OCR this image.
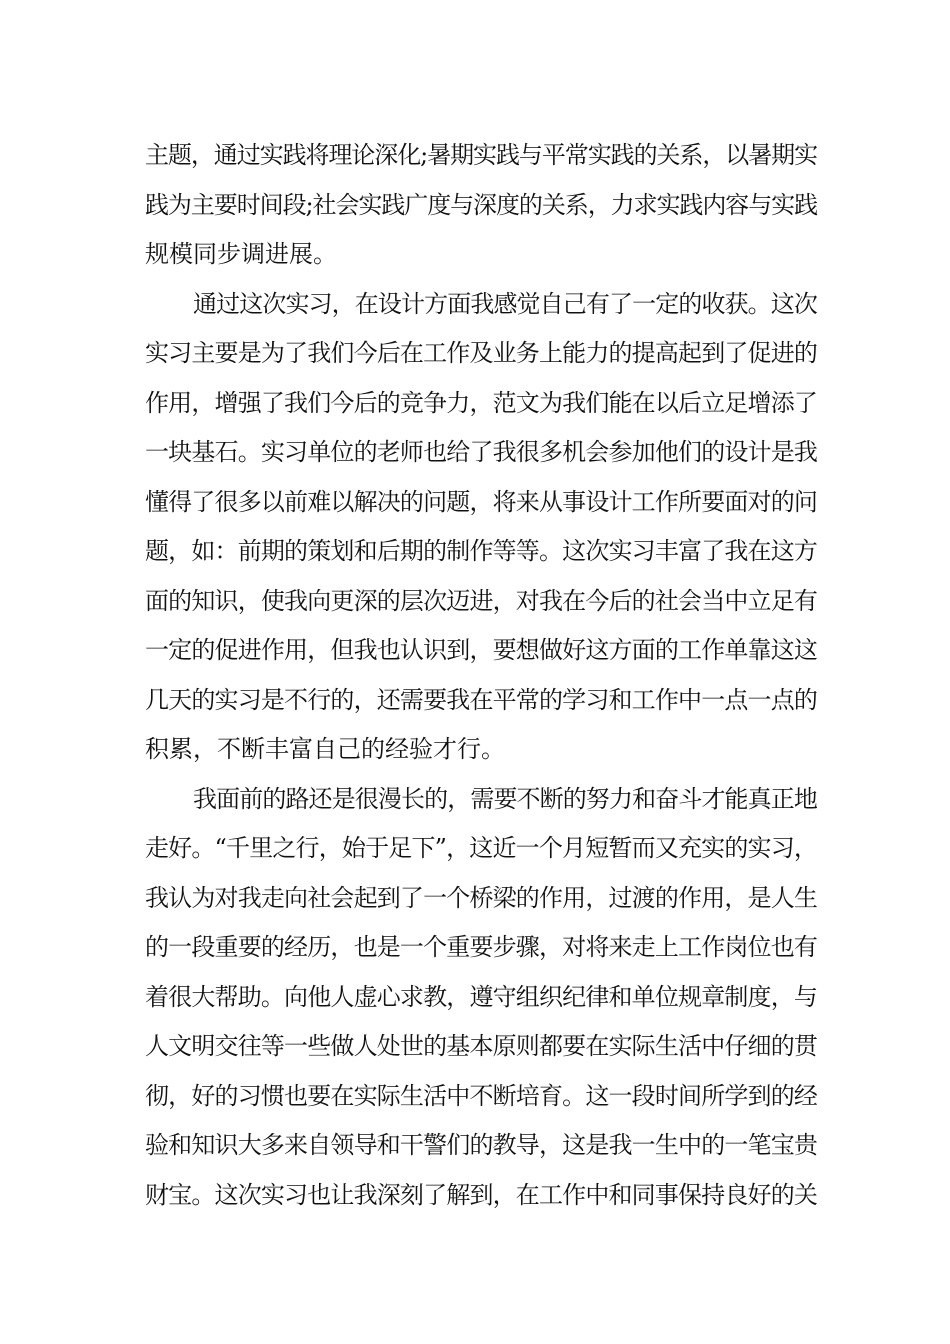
主题，通过实践将理论深化;暑期实践与平常实践的关系，以暑期实
践为主要时间段;社会实践广度与深度的关系，力求实践内容与实践
规模同步调进展。

通过这次实习，在设计方面我感觉自己有了一定的收获。这次
实习主要是为了我们今后在工作及业务上能力的提高起到了促进的
作用，增强了我们今后的竞争力，范文为我们能在以后立足增添了
一块基石。实习单位的老师也给了我很多机会参加他们的设计是我
懂得了很多以前难以解决的问题，将来从事设计工作所要面对的问
题，如：前期的策划和后期的制作等等。这次实习丰富了我在这方
面的知识，使我向更深的层次迈进，对我在今后的社会当中立足有
一定的促进作用，但我也认识到，要想做好这方面的工作单靠这这
几天的实习是不行的，还需要我在平常的学习和工作中一点一点的
积累，不断丰富自己的经验才行。

我面前的路还是很漫长的，需要不断的努力和奋斗才能真正地
走好。“千里之行，始于足下”，这近一个月短暂而又充实的实习，
我认为对我走向社会起到了一个桥梁的作用，过渡的作用，是人生
的一段重要的经历，也是一个重要步骤，对将来走上工作岗位也有
着很大帮助。向他人虚心求教，遵守组织纪律和单位规章制度，与
人文明交往等一些做人处世的基本原则都要在实际生活中仔细的贯
彻，好的习惯也要在实际生活中不断培育。这一段时间所学到的经
验和知识大多来自领导和干警们的教导，这是我一生中的一笔宝贵
财宝。这次实习也让我深刻了解到，在工作中和同事保持良好的关
